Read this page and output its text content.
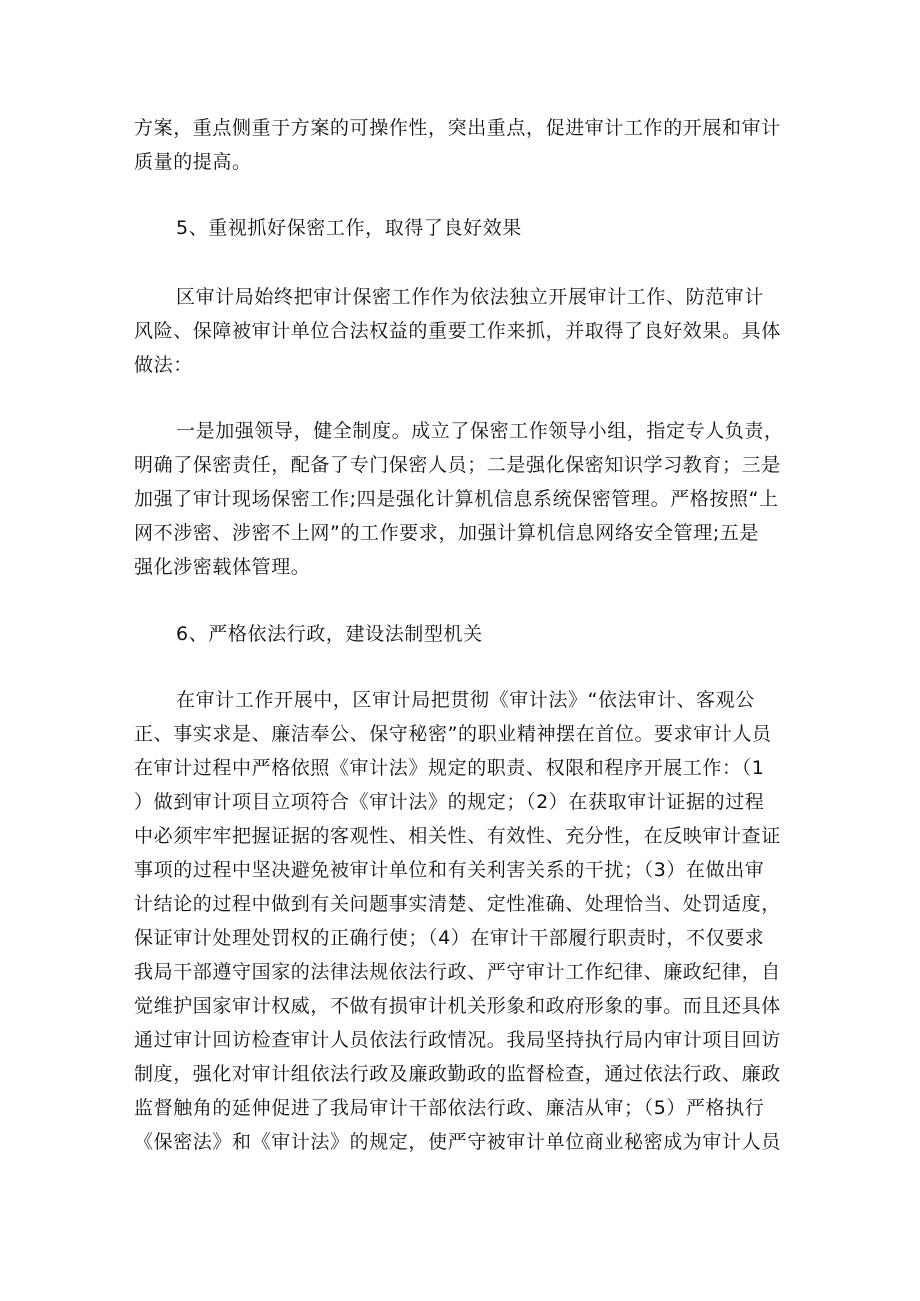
方案，重点侧重于方案的可操作性，突出重点，促进审计工作的开展和审计
质量的提高。
5、重视抓好保密工作，取得了良好效果
区审计局始终把审计保密工作作为依法独立开展审计工作、防范审计
风险、保障被审计单位合法权益的重要工作来抓，并取得了良好效果。具体
做法：
一是加强领导，健全制度。成立了保密工作领导小组，指定专人负责，
明确了保密责任，配备了专门保密人员；二是强化保密知识学习教育；三是
加强了审计现场保密工作;四是强化计算机信息系统保密管理。严格按照“上
网不涉密、涉密不上网”的工作要求，加强计算机信息网络安全管理;五是
强化涉密载体管理。
6、严格依法行政，建设法制型机关
在审计工作开展中，区审计局把贯彻《审计法》“依法审计、客观公
正、事实求是、廉洁奉公、保守秘密”的职业精神摆在首位。要求审计人员
在审计过程中严格依照《审计法》规定的职责、权限和程序开展工作：（1
）做到审计项目立项符合《审计法》的规定；（2）在获取审计证据的过程
中必须牢牢把握证据的客观性、相关性、有效性、充分性，在反映审计查证
事项的过程中坚决避免被审计单位和有关利害关系的干扰；（3）在做出审
计结论的过程中做到有关问题事实清楚、定性准确、处理恰当、处罚适度，
保证审计处理处罚权的正确行使；（4）在审计干部履行职责时，不仅要求
我局干部遵守国家的法律法规依法行政、严守审计工作纪律、廉政纪律，自
觉维护国家审计权威，不做有损审计机关形象和政府形象的事。而且还具体
通过审计回访检查审计人员依法行政情况。我局坚持执行局内审计项目回访
制度，强化对审计组依法行政及廉政勤政的监督检查，通过依法行政、廉政
监督触角的延伸促进了我局审计干部依法行政、廉洁从审；（5）严格执行
《保密法》和《审计法》的规定，使严守被审计单位商业秘密成为审计人员
